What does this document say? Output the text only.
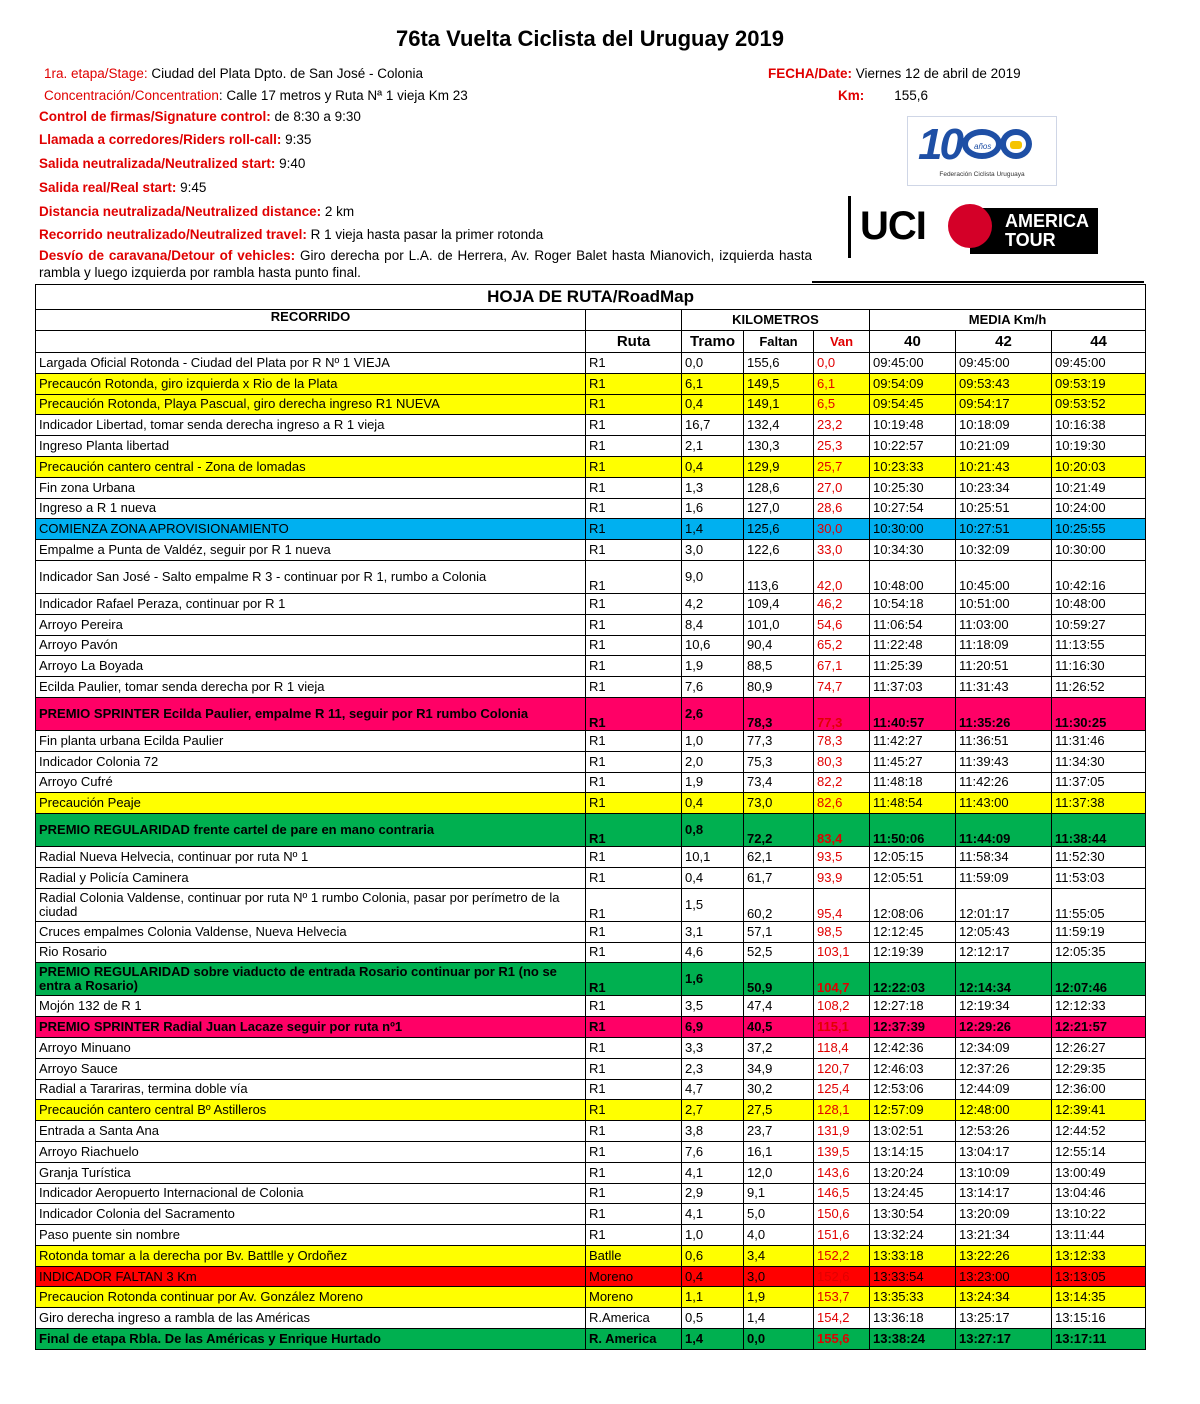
76ta Vuelta Ciclista del Uruguay 2019
1ra. etapa/Stage: Ciudad del Plata Dpto. de San José - Colonia	FECHA/Date: Viernes 12 de abril de 2019
Concentración/Concentration: Calle 17 metros y Ruta Nª 1 vieja Km 23	Km: 155,6
Control de firmas/Signature control: de 8:30 a 9:30
Llamada a corredores/Riders roll-call: 9:35
Salida neutralizada/Neutralized start: 9:40
Salida real/Real start: 9:45
Distancia neutralizada/Neutralized distance: 2 km
Recorrido neutralizado/Neutralized travel: R 1 vieja hasta pasar la primer rotonda
Desvío de caravana/Detour of vehicles: Giro derecha por L.A. de Herrera, Av. Roger Balet hasta Mianovich, izquierda hasta rambla y luego izquierda por rambla hasta punto final.
10 años
Federación Ciclista Uruguaya
UCI	AMERICA
TOUR
HOJA DE RUTA/RoadMap							
RECORRIDO		KILOMETROS			MEDIA Km/h		
	Ruta	Tramo	Faltan	Van	40	42	44
Largada Oficial Rotonda - Ciudad del Plata por R Nº 1 VIEJA	R1	0,0	155,6	0,0	09:45:00	09:45:00	09:45:00
Precaucón Rotonda, giro izquierda x Rio de la Plata	R1	6,1	149,5	6,1	09:54:09	09:53:43	09:53:19
Precaución Rotonda, Playa Pascual, giro derecha ingreso R1 NUEVA	R1	0,4	149,1	6,5	09:54:45	09:54:17	09:53:52
Indicador Libertad, tomar senda derecha ingreso a R 1 vieja	R1	16,7	132,4	23,2	10:19:48	10:18:09	10:16:38
Ingreso Planta libertad	R1	2,1	130,3	25,3	10:22:57	10:21:09	10:19:30
Precaución cantero central - Zona de lomadas	R1	0,4	129,9	25,7	10:23:33	10:21:43	10:20:03
Fin zona Urbana	R1	1,3	128,6	27,0	10:25:30	10:23:34	10:21:49
Ingreso a R 1 nueva	R1	1,6	127,0	28,6	10:27:54	10:25:51	10:24:00
COMIENZA ZONA APROVISIONAMIENTO	R1	1,4	125,6	30,0	10:30:00	10:27:51	10:25:55
Empalme a Punta de Valdéz, seguir por R 1 nueva	R1	3,0	122,6	33,0	10:34:30	10:32:09	10:30:00
Indicador San José - Salto empalme R 3 - continuar por R 1, rumbo a Colonia	R1	9,0	113,6	42,0	10:48:00	10:45:00	10:42:16
Indicador Rafael Peraza, continuar por R 1	R1	4,2	109,4	46,2	10:54:18	10:51:00	10:48:00
Arroyo Pereira	R1	8,4	101,0	54,6	11:06:54	11:03:00	10:59:27
Arroyo Pavón	R1	10,6	90,4	65,2	11:22:48	11:18:09	11:13:55
Arroyo La Boyada	R1	1,9	88,5	67,1	11:25:39	11:20:51	11:16:30
Ecilda Paulier, tomar senda derecha por R 1 vieja	R1	7,6	80,9	74,7	11:37:03	11:31:43	11:26:52
PREMIO SPRINTER Ecilda Paulier, empalme R 11, seguir por R1 rumbo Colonia	R1	2,6	78,3	77,3	11:40:57	11:35:26	11:30:25
Fin planta urbana Ecilda Paulier	R1	1,0	77,3	78,3	11:42:27	11:36:51	11:31:46
Indicador Colonia 72	R1	2,0	75,3	80,3	11:45:27	11:39:43	11:34:30
Arroyo Cufré	R1	1,9	73,4	82,2	11:48:18	11:42:26	11:37:05
Precaución Peaje	R1	0,4	73,0	82,6	11:48:54	11:43:00	11:37:38
PREMIO REGULARIDAD frente cartel de pare en mano contraria	R1	0,8	72,2	83,4	11:50:06	11:44:09	11:38:44
Radial Nueva Helvecia, continuar por ruta Nº 1	R1	10,1	62,1	93,5	12:05:15	11:58:34	11:52:30
Radial y Policía Caminera	R1	0,4	61,7	93,9	12:05:51	11:59:09	11:53:03
Radial Colonia Valdense, continuar por ruta Nº 1 rumbo Colonia, pasar por perímetro de la ciudad	R1	1,5	60,2	95,4	12:08:06	12:01:17	11:55:05
Cruces empalmes Colonia Valdense, Nueva Helvecia	R1	3,1	57,1	98,5	12:12:45	12:05:43	11:59:19
Rio Rosario	R1	4,6	52,5	103,1	12:19:39	12:12:17	12:05:35
PREMIO REGULARIDAD sobre viaducto de entrada Rosario continuar por R1 (no se entra a Rosario)	R1	1,6	50,9	104,7	12:22:03	12:14:34	12:07:46
Mojón 132 de R 1	R1	3,5	47,4	108,2	12:27:18	12:19:34	12:12:33
PREMIO SPRINTER Radial Juan Lacaze seguir por ruta nº1	R1	6,9	40,5	115,1	12:37:39	12:29:26	12:21:57
Arroyo Minuano	R1	3,3	37,2	118,4	12:42:36	12:34:09	12:26:27
Arroyo Sauce	R1	2,3	34,9	120,7	12:46:03	12:37:26	12:29:35
Radial a Tarariras, termina doble vía	R1	4,7	30,2	125,4	12:53:06	12:44:09	12:36:00
Precaución cantero central Bº Astilleros	R1	2,7	27,5	128,1	12:57:09	12:48:00	12:39:41
Entrada a Santa Ana	R1	3,8	23,7	131,9	13:02:51	12:53:26	12:44:52
Arroyo Riachuelo	R1	7,6	16,1	139,5	13:14:15	13:04:17	12:55:14
Granja Turística	R1	4,1	12,0	143,6	13:20:24	13:10:09	13:00:49
Indicador Aeropuerto Internacional de Colonia	R1	2,9	9,1	146,5	13:24:45	13:14:17	13:04:46
Indicador Colonia del Sacramento	R1	4,1	5,0	150,6	13:30:54	13:20:09	13:10:22
Paso puente sin nombre	R1	1,0	4,0	151,6	13:32:24	13:21:34	13:11:44
Rotonda tomar a la derecha por Bv. Battlle y Ordoñez	Batlle	0,6	3,4	152,2	13:33:18	13:22:26	13:12:33
INDICADOR FALTAN 3 Km	Moreno	0,4	3,0	152,6	13:33:54	13:23:00	13:13:05
Precaucion Rotonda continuar por Av. González Moreno	Moreno	1,1	1,9	153,7	13:35:33	13:24:34	13:14:35
Giro derecha ingreso a rambla de las Américas	R.America	0,5	1,4	154,2	13:36:18	13:25:17	13:15:16
Final de etapa Rbla. De las Américas y Enrique Hurtado	R. America	1,4	0,0	155,6	13:38:24	13:27:17	13:17:11
